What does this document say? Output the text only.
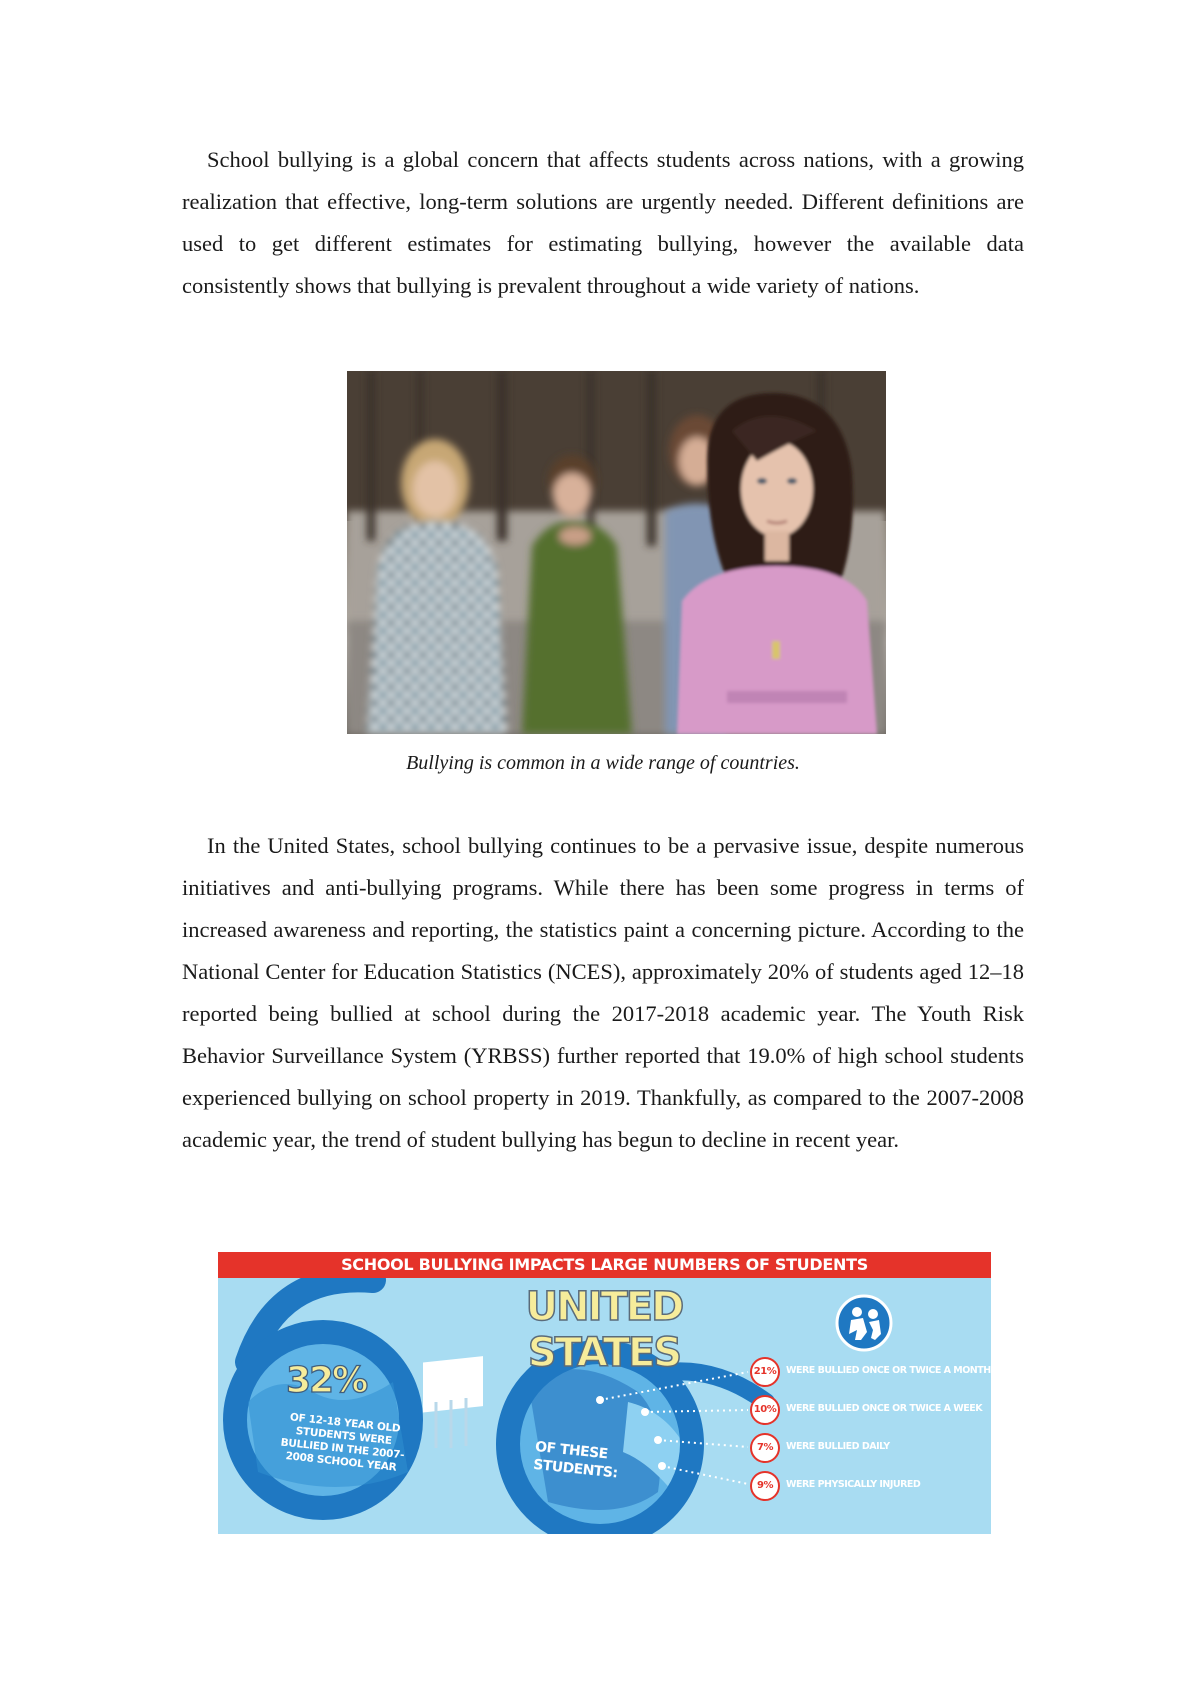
School bullying is a global concern that affects students across nations, with a growing realization that effective, long-term solutions are urgently needed. Different definitions are used to get different estimates for estimating bullying, however the available data consistently shows that bullying is prevalent throughout a wide variety of nations.

Bullying is common in a wide range of countries.

In the United States, school bullying continues to be a pervasive issue, despite numerous initiatives and anti-bullying programs. While there has been some progress in terms of increased awareness and reporting, the statistics paint a concerning picture. According to the National Center for Education Statistics (NCES), approximately 20% of students aged 12–18 reported being bullied at school during the 2017-2018 academic year. The Youth Risk Behavior Surveillance System (YRBSS) further reported that 19.0% of high school students experienced bullying on school property in 2019. Thankfully, as compared to the 2007-2008 academic year, the trend of student bullying has begun to decline in recent year.

SCHOOL BULLYING IMPACTS LARGE NUMBERS OF STUDENTS
UNITED STATES
32%
OF 12-18 YEAR OLD STUDENTS WERE BULLIED IN THE 2007-2008 SCHOOL YEAR	OF THESE STUDENTS:
21%	WERE BULLIED ONCE OR TWICE A MONTH
10%	WERE BULLIED ONCE OR TWICE A WEEK
7%	WERE BULLIED DAILY
9%	WERE PHYSICALLY INJURED
